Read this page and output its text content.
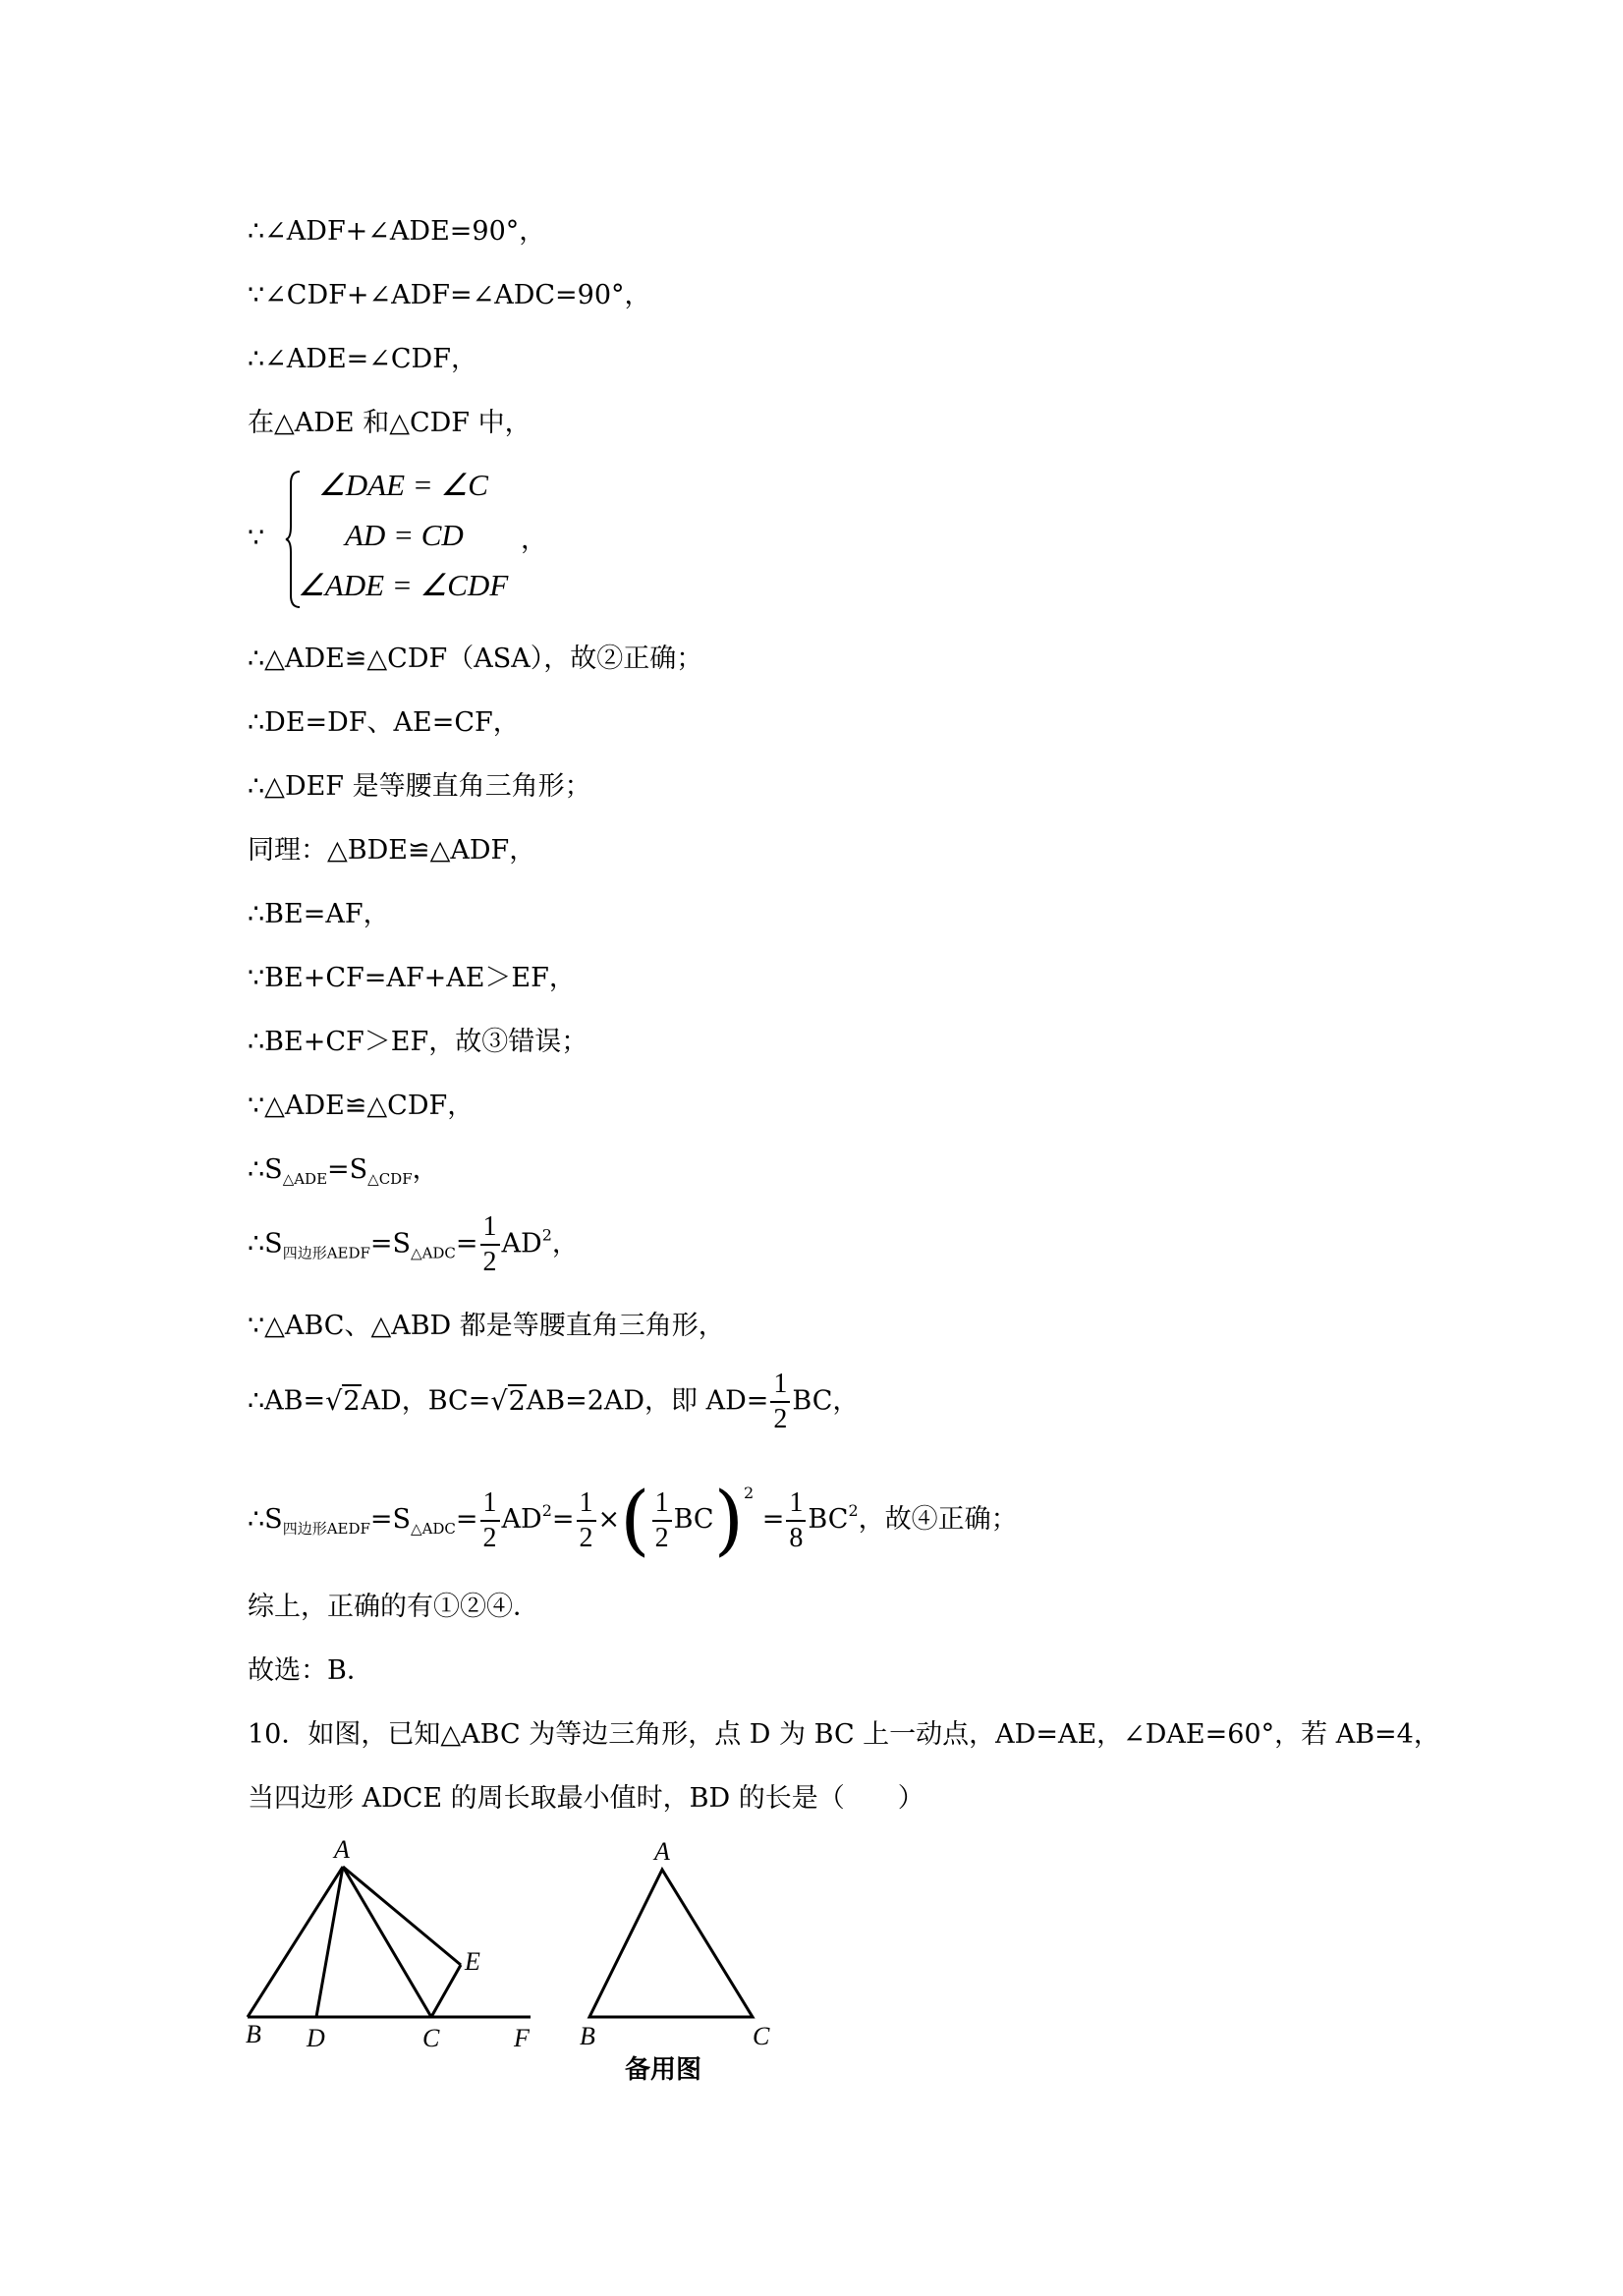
∴∠ADF+∠ADE=90°，
∵∠CDF+∠ADF=∠ADC=90°，
∴∠ADE=∠CDF，
在△ADE 和△CDF 中，
∵
∠DAE = ∠C
AD = CD
∠ADE = ∠CDF
，
∴△ADE≌△CDF（ASA），故②正确；
∴DE=DF、AE=CF，
∴△DEF 是等腰直角三角形；
同理：△BDE≌△ADF，
∴BE=AF，
∵BE+CF=AF+AE＞EF，
∴BE+CF＞EF，故③错误；
∵△ADE≌△CDF，
$\therefore S_{\triangle ADE}=S_{\triangle CDF}$，
$\therefore S_{四边形AEDF}=S_{\triangle ADC}= \frac{1}{2} AD^2$，
∵△ABC、△ABD 都是等腰直角三角形，
∴AB=√2AD，BC=√2AB=2AD，即 $AD= \frac{1}{2}$ BC，
$\therefore S_{四边形AEDF}=S_{\triangle ADC}= \frac{1}{2} AD^2= \frac{1}{2}$ ×( $\frac{1}{2} BC)^2 = \frac{1}{8} BC^2$，故④正确；
综上，正确的有①②④．
故选：B．
10．如图，已知△ABC 为等边三角形，点 D 为 BC 上一动点，AD=AE，∠DAE=60°，若 AB=4，
当四边形 ADCE 的周长取最小值时，BD 的长是（　　）
A
B D	C
E
F
A
B	C
备用图
